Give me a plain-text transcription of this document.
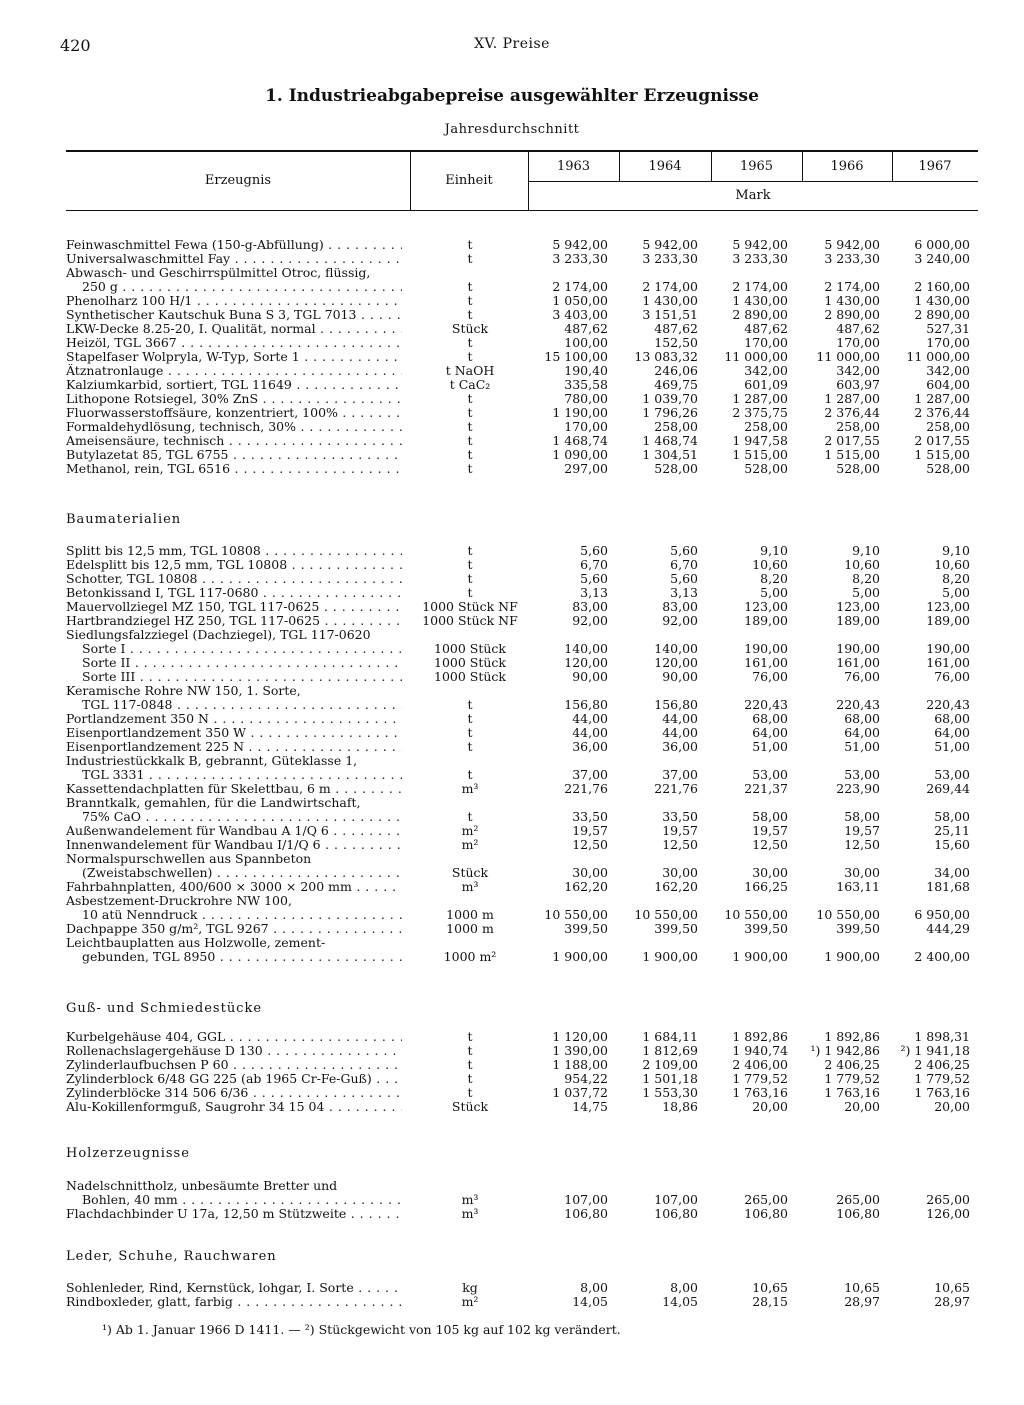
420	XV. Preise
1. Industrieabgabepreise ausgewählter Erzeugnisse
Jahresdurchschnitt
Erzeugnis	Einheit
1963	1964	1965	1966	1967
Mark
Baumaterialien
Guß- und Schmiedestücke
Holzerzeugnisse
Leder, Schuhe, Rauchwaren
Feinwaschmittel Fewa (150-g-Abfüllung) . . .	t	5 942,00	5 942,00	5 942,00	5 942,00	6 000,00
Universalwaschmittel Fay . . .	t	3 233,30	3 233,30	3 233,30	3 233,30	3 240,00
Abwasch- und Geschirrspülmittel Otroc, flüssig,
250 g . . .	t	2 174,00	2 174,00	2 174,00	2 174,00	2 160,00
Phenolharz 100 H/1 . . .	t	1 050,00	1 430,00	1 430,00	1 430,00	1 430,00
Synthetischer Kautschuk Buna S 3, TGL 7013 . . .	t	3 403,00	3 151,51	2 890,00	2 890,00	2 890,00
LKW-Decke 8.25-20, I. Qualität, normal . . .	Stück	487,62	487,62	487,62	487,62	527,31
Heizöl, TGL 3667 . . .	t	100,00	152,50	170,00	170,00	170,00
Stapelfaser Wolpryla, W-Typ, Sorte 1 . . .	t	15 100,00	13 083,32	11 000,00	11 000,00	11 000,00
Ätznatronlauge . . .	t NaOH	190,40	246,06	342,00	342,00	342,00
Kalziumkarbid, sortiert, TGL 11649 . . .	t CaC₂	335,58	469,75	601,09	603,97	604,00
Lithopone Rotsiegel, 30% ZnS . . .	t	780,00	1 039,70	1 287,00	1 287,00	1 287,00
Fluorwasserstoffsäure, konzentriert, 100% . . .	t	1 190,00	1 796,26	2 375,75	2 376,44	2 376,44
Formaldehydlösung, technisch, 30% . . .	t	170,00	258,00	258,00	258,00	258,00
Ameisensäure, technisch . . .	t	1 468,74	1 468,74	1 947,58	2 017,55	2 017,55
Butylazetat 85, TGL 6755 . . .	t	1 090,00	1 304,51	1 515,00	1 515,00	1 515,00
Methanol, rein, TGL 6516 . . .	t	297,00	528,00	528,00	528,00	528,00
Splitt bis 12,5 mm, TGL 10808 . . .	t	5,60	5,60	9,10	9,10	9,10
Edelsplitt bis 12,5 mm, TGL 10808 . . .	t	6,70	6,70	10,60	10,60	10,60
Schotter, TGL 10808 . . .	t	5,60	5,60	8,20	8,20	8,20
Betonkissand I, TGL 117-0680 . . .	t	3,13	3,13	5,00	5,00	5,00
Mauervollziegel MZ 150, TGL 117-0625 . . .	1000 Stück NF	83,00	83,00	123,00	123,00	123,00
Hartbrandziegel HZ 250, TGL 117-0625 . . .	1000 Stück NF	92,00	92,00	189,00	189,00	189,00
Siedlungsfalzziegel (Dachziegel), TGL 117-0620
Sorte I . . .	1000 Stück	140,00	140,00	190,00	190,00	190,00
Sorte II . . .	1000 Stück	120,00	120,00	161,00	161,00	161,00
Sorte III . . .	1000 Stück	90,00	90,00	76,00	76,00	76,00
Keramische Rohre NW 150, 1. Sorte,
TGL 117-0848 . . .	t	156,80	156,80	220,43	220,43	220,43
Portlandzement 350 N . . .	t	44,00	44,00	68,00	68,00	68,00
Eisenportlandzement 350 W . . .	t	44,00	44,00	64,00	64,00	64,00
Eisenportlandzement 225 N . . .	t	36,00	36,00	51,00	51,00	51,00
Industriestückkalk B, gebrannt, Güteklasse 1,
TGL 3331 . . .	t	37,00	37,00	53,00	53,00	53,00
Kassettendachplatten für Skelettbau, 6 m . . .	m³	221,76	221,76	221,37	223,90	269,44
Branntkalk, gemahlen, für die Landwirtschaft,
75% CaO . . .	t	33,50	33,50	58,00	58,00	58,00
Außenwandelement für Wandbau A 1/Q 6 . . .	m²	19,57	19,57	19,57	19,57	25,11
Innenwandelement für Wandbau I/1/Q 6 . . .	m²	12,50	12,50	12,50	12,50	15,60
Normalspurschwellen aus Spannbeton
(Zweistabschwellen) . . .	Stück	30,00	30,00	30,00	30,00	34,00
Fahrbahnplatten, 400/600 × 3000 × 200 mm . . .	m³	162,20	162,20	166,25	163,11	181,68
Asbestzement-Druckrohre NW 100,
10 atü Nenndruck . . .	1000 m	10 550,00	10 550,00	10 550,00	10 550,00	6 950,00
Dachpappe 350 g/m², TGL 9267 . . .	1000 m	399,50	399,50	399,50	399,50	444,29
Leichtbauplatten aus Holzwolle, zement-
gebunden, TGL 8950 . . .	1000 m²	1 900,00	1 900,00	1 900,00	1 900,00	2 400,00
Kurbelgehäuse 404, GGL . . .	t	1 120,00	1 684,11	1 892,86	1 892,86	1 898,31
Rollenachslagergehäuse D 130 . . .	t	1 390,00	1 812,69	1 940,74	¹) 1 942,86	²) 1 941,18
Zylinderlaufbuchsen P 60 . . .	t	1 188,00	2 109,00	2 406,00	2 406,25	2 406,25
Zylinderblock 6/48 GG 225 (ab 1965 Cr-Fe-Guß) . . .	t	954,22	1 501,18	1 779,52	1 779,52	1 779,52
Zylinderblöcke 314 506 6/36 . . .	t	1 037,72	1 553,30	1 763,16	1 763,16	1 763,16
Alu-Kokillenformguß, Saugrohr 34 15 04 . . .	Stück	14,75	18,86	20,00	20,00	20,00
Nadelschnittholz, unbesäumte Bretter und
Bohlen, 40 mm . . .	m³	107,00	107,00	265,00	265,00	265,00
Flachdachbinder U 17a, 12,50 m Stützweite . . .	m³	106,80	106,80	106,80	106,80	126,00
Sohlenleder, Rind, Kernstück, lohgar, I. Sorte . . .	kg	8,00	8,00	10,65	10,65	10,65
Rindboxleder, glatt, farbig . . .	m²	14,05	14,05	28,15	28,97	28,97
¹) Ab 1. Januar 1966 D 1411. — ²) Stückgewicht von 105 kg auf 102 kg verändert.
